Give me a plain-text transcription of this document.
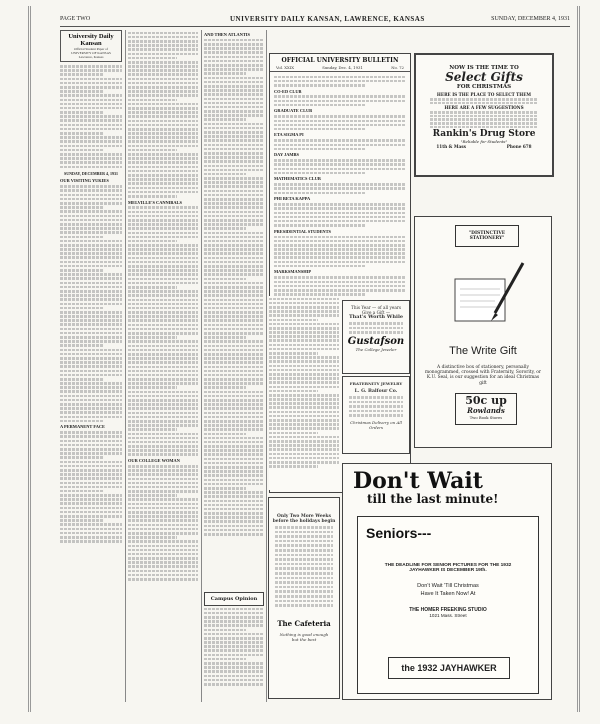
PAGE TWO	UNIVERSITY DAILY KANSAN, LAWRENCE, KANSAS	SUNDAY, DECEMBER 4, 1931
University Daily Kansan
Official Student Paper of
UNIVERSITY OF KANSAS
Lawrence, Kansas
SUNDAY, DECEMBER 4, 1931
OUR VISITING YUKIES
A PERMANENT FACE
MELVILLE'S CANNIBALS
OUR COLLEGE WOMAN
AND THEN ATLANTIS
Campus Opinion
OFFICIAL UNIVERSITY BULLETIN
Vol. XXIX	Sunday, Dec. 4, 1931	No. 72
CO-ED CLUB
GRADUATE CLUB
ETA SIGMA PI
DAY JAMBS
MATHEMATICS CLUB
PHI BETA KAPPA
PRESIDENTIAL STUDENTS
MARKSMANSHIP
This Year — of all years
Give a Gift —
That's Worth While
Gustafson
The College Jeweler
FRATERNITY JEWELRY
L. G. Balfour Co.
Christmas Delivery on All Orders
Don't Wait
till the last minute!
Seniors---
THE DEADLINE FOR SENIOR PICTURES FOR THE 1932
JAYHAWKER IS DECEMBER 19th.
Don't Wait 'Till Christmas
Have It Taken Now! At
THE HOMER FREEKING STUDIO
1021 Mass. Street
the 1932 JAYHAWKER
Only Two More Weeks
before the holidays begin
The Cafeteria
Nothing is good enough
but the best
NOW IS THE TIME TO
Select Gifts
FOR CHRISTMAS
HERE IS THE PLACE TO SELECT THEM
HERE ARE A FEW SUGGESTIONS
Rankin's Drug Store
"Reliable for Students"
11th & Mass	Phone 678
"DISTINCTIVE STATIONERY"
The Write Gift
A distinctive box of stationery, personally monogrammed, crossed with Fraternity, Sorority, or K.U. Seal, is our suggestion for an ideal Christmas gift
50c up
Rowlands
Two Book Stores
